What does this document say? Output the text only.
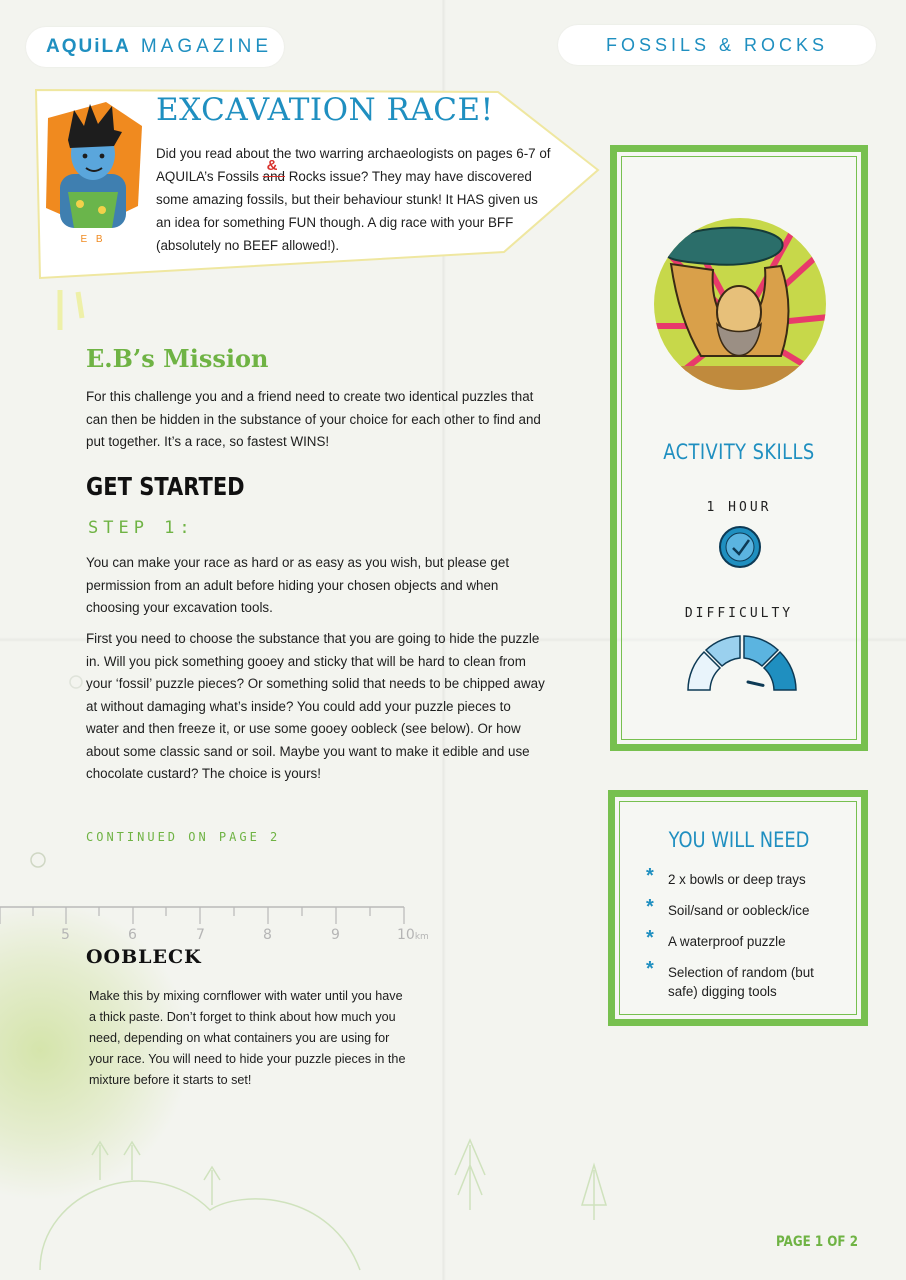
AQUiLA MAGAZINE	FOSSILS & ROCKS
E B
EXCAVATION RACE!
Did you read about the two warring archaeologists on pages 6-7 of AQUILA’s Fossils and
&
Rocks issue? They may have discovered some amazing fossils, but their behaviour stunk! It HAS given us an idea for something FUN though. A dig race with your BFF (absolutely no BEEF allowed!).
E.B’s Mission
For this challenge you and a friend need to create two identical puzzles that can then be hidden in the substance of your choice for each other to find and put together. It’s a race, so fastest WINS!
GET STARTED
STEP 1:
You can make your race as hard or as easy as you wish, but please get permission from an adult before hiding your chosen objects and when choosing your excavation tools.
First you need to choose the substance that you are going to hide the puzzle in. Will you pick something gooey and sticky that will be hard to clean from your ‘fossil’ puzzle pieces? Or something solid that needs to be chipped away at without damaging what’s inside? You could add your puzzle pieces to water and then freeze it, or use some gooey oobleck (see below). Or how about some classic sand or soil. Maybe you want to make it edible and use chocolate custard? The choice is yours!
CONTINUED ON PAGE 2
5	6	7	8	9	10km
OOBLECK
Make this by mixing cornflower with water until you have a thick paste. Don’t forget to think about how much you need, depending on what containers you are using for your race. You will need to hide your puzzle pieces in the mixture before it starts to set!
ACTIVITY SKILLS
1 HOUR
DIFFICULTY
YOU WILL NEED
* 2 x bowls or deep trays
* Soil/sand or oobleck/ice
* A waterproof puzzle
* Selection of random (but safe) digging tools
PAGE 1 OF 2
